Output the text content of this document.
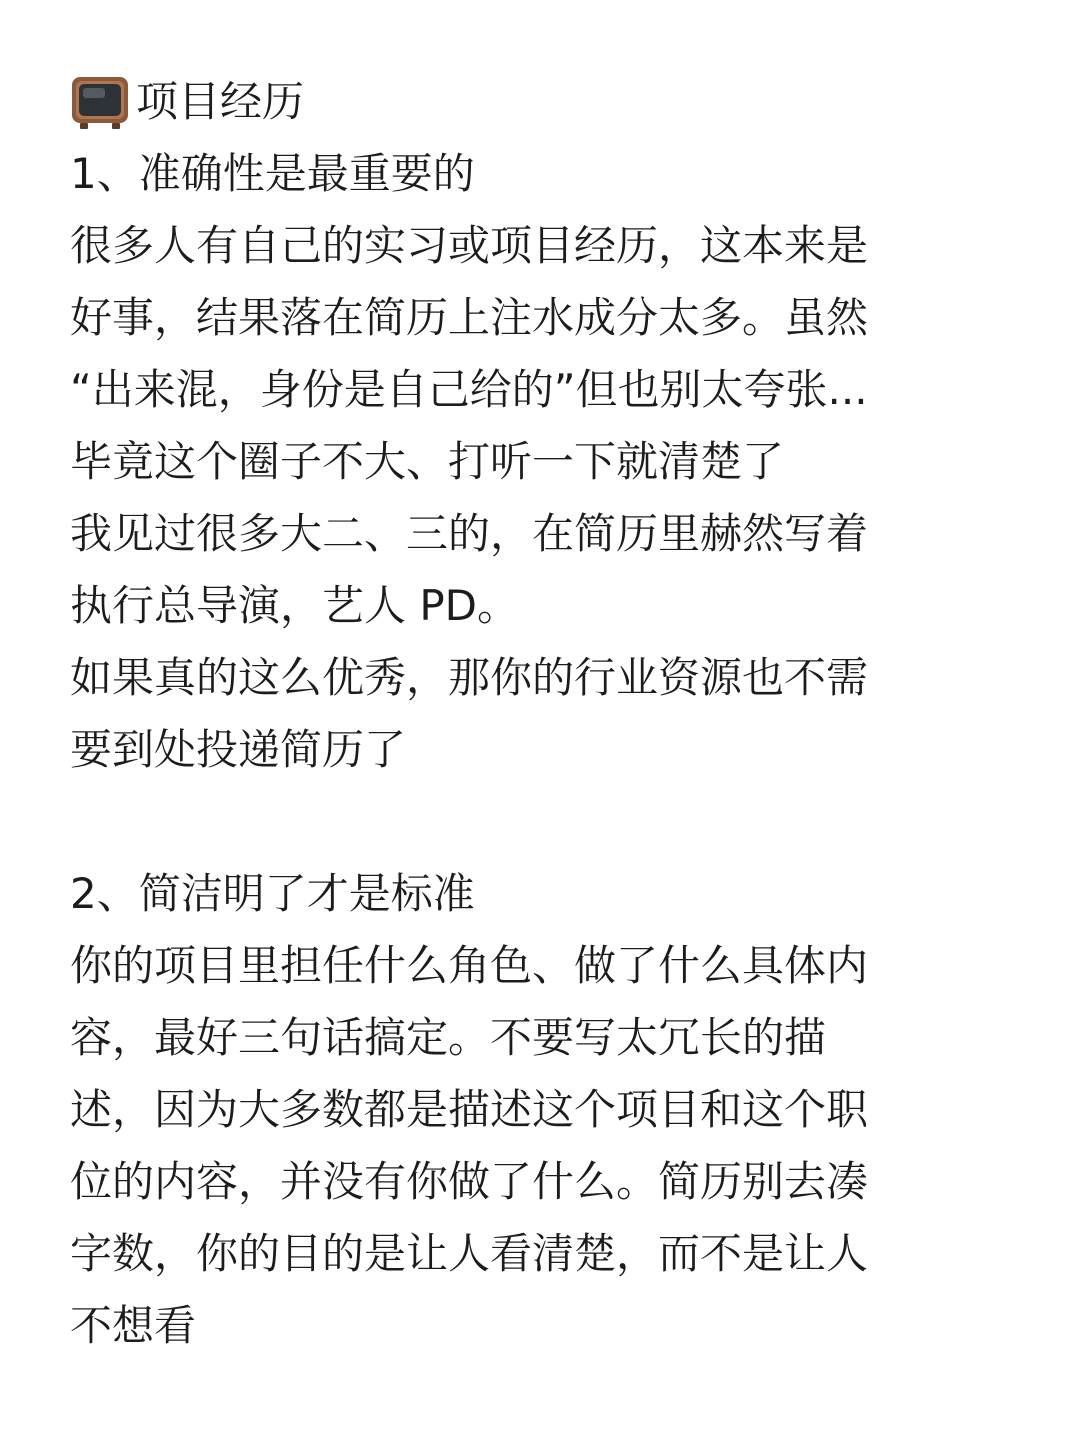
项目经历
1、准确性是最重要的
很多人有自己的实习或项目经历，这本来是
好事，结果落在简历上注水成分太多。虽然
“出来混，身份是自己给的”但也别太夸张...
毕竟这个圈子不大、打听一下就清楚了
我见过很多大二、三的，在简历里赫然写着
执行总导演，艺人 PD。
如果真的这么优秀，那你的行业资源也不需
要到处投递简历了
2、简洁明了才是标准
你的项目里担任什么角色、做了什么具体内
容，最好三句话搞定。不要写太冗长的描
述，因为大多数都是描述这个项目和这个职
位的内容，并没有你做了什么。简历别去凑
字数，你的目的是让人看清楚，而不是让人
不想看
